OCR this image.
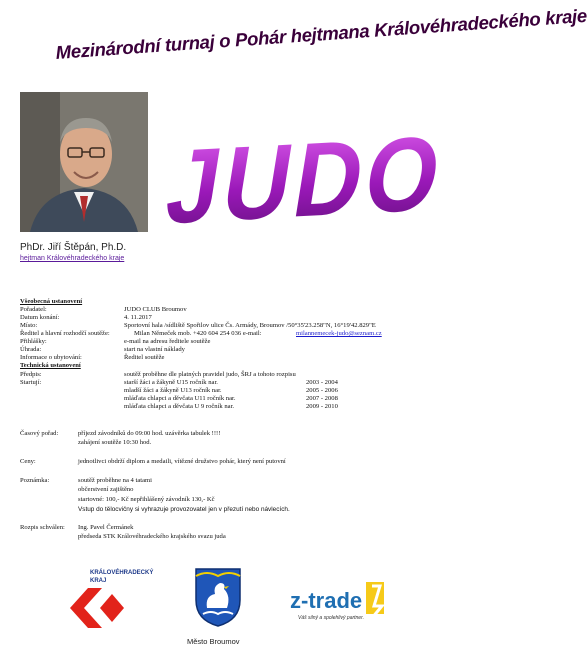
Mezinárodní turnaj o Pohár hejtmana Královéhradeckého kraje
JUDO
PhDr. Jiří Štěpán, Ph.D.
hejtman Královéhradeckého kraje
Všeobecná ustanovení
Pořadatel:	JUDO CLUB Broumov
Datum konání:	4. 11.2017
Místo:	Sportovní hala /sídliště Spořilov ulice Čs. Armády, Broumov /50°35'23.258"N, 16°19'42.829"E
Ředitel a hlavní rozhodčí soutěže:	Milan Němeček mob. +420 604 254 036 e-mail:	milannemecek-judo@seznam.cz
Přihlášky:	e-mail na adresu ředitele soutěže
Úhrada:	start na vlastní náklady
Informace o ubytování:	Ředitel soutěže
Technická ustanovení
Předpis:	soutěž proběhne dle platných pravidel judo, ŠRJ a tohoto rozpisu
Startují:	starší žáci a žákyně U15 ročník nar.	2003 - 2004
mladší žáci a žákyně U13 ročník nar.	2005 - 2006
mláďata chlapci a děvčata U11 ročník nar.	2007 - 2008
mláďata chlapci a děvčata U 9 ročník nar.	2009 - 2010
Časový pořad:	příjezd závodníků do 09:00 hod. uzávěrka tabulek !!!!
zahájení soutěže 10:30 hod.
Ceny:	jednotlivci obdrží diplom a medaili, vítězné družstvo pohár, který není putovní
Poznámka:	soutěž proběhne na 4 tatami
občerstvení zajištěno
startovné: 100,- Kč nepřihlášený závodník 130,- Kč
Vstup do tělocvičny si vyhrazuje provozovatel jen v přezutí nebo návlecích.
Rozpis schválen: Ing. Pavel Čermánek
předseda STK Královéhradeckého krajského svazu juda
KRÁLOVÉHRADECKÝ
KRAJ
Město Broumov
z-trade
Váš silný a spolehlivý partner.
